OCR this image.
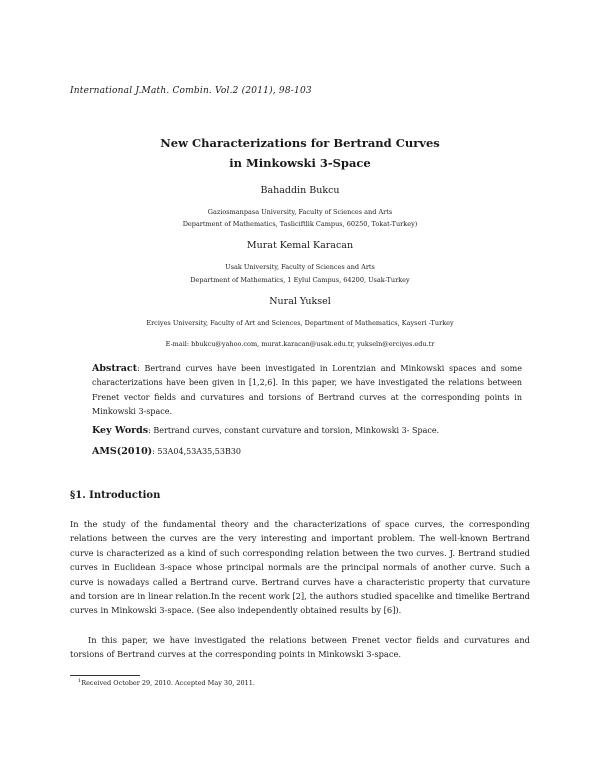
International J.Math. Combin. Vol.2 (2011), 98-103
New Characterizations for Bertrand Curves
in Minkowski 3-Space
Bahaddin Bukcu
Gaziosmanpasa University, Faculty of Sciences and Arts
Department of Mathematics, Tasliciftlik Campus, 60250, Tokat-Turkey)
Murat Kemal Karacan
Usak University, Faculty of Sciences and Arts
Department of Mathematics, 1 Eylul Campus, 64200, Usak-Turkey
Nural Yuksel
Erciyes University, Faculty of Art and Sciences, Department of Mathematics, Kayseri -Turkey
E-mail: bbukcu@yahoo.com, murat.karacan@usak.edu.tr, yukseln@erciyes.edu.tr
Abstract: Bertrand curves have been investigated in Lorentzian and Minkowski spaces and some characterizations have been given in [1,2,6]. In this paper, we have investigated the relations between Frenet vector fields and curvatures and torsions of Bertrand curves at the corresponding points in Minkowski 3-space.
Key Words: Bertrand curves, constant curvature and torsion, Minkowski 3- Space.
AMS(2010): 53A04,53A35,53B30
§1. Introduction
In the study of the fundamental theory and the characterizations of space curves, the corresponding relations between the curves are the very interesting and important problem. The well-known Bertrand curve is characterized as a kind of such corresponding relation between the two curves. J. Bertrand studied curves in Euclidean 3-space whose principal normals are the principal normals of another curve. Such a curve is nowadays called a Bertrand curve. Bertrand curves have a characteristic property that curvature and torsion are in linear relation.In the recent work [2], the authors studied spacelike and timelike Bertrand curves in Minkowski 3-space. (See also independently obtained results by [6]).
In this paper, we have investigated the relations between Frenet vector fields and curvatures and torsions of Bertrand curves at the corresponding points in Minkowski 3-space.
$^1$Received October 29, 2010. Accepted May 30, 2011.
